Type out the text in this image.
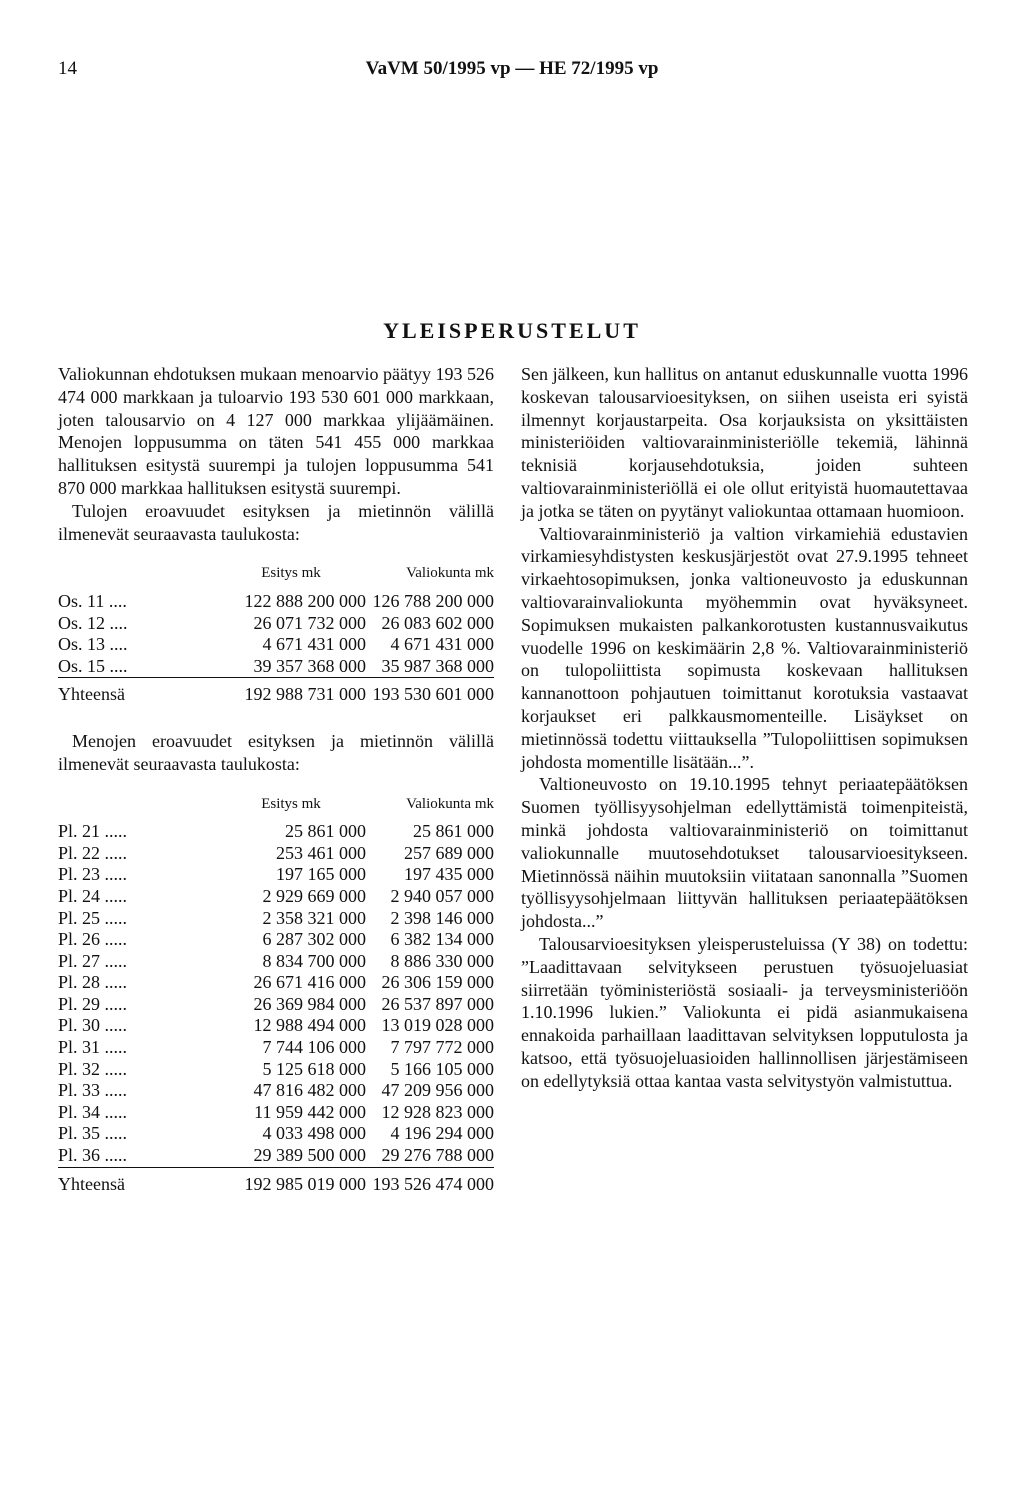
14	VaVM 50/1995 vp — HE 72/1995 vp
YLEISPERUSTELUT

Valiokunnan ehdotuksen mukaan menoarvio päätyy 193 526 474 000 markkaan ja tuloarvio 193 530 601 000 markkaan, joten talousarvio on 4 127 000 markkaa ylijäämäinen. Menojen loppusumma on täten 541 455 000 markkaa hallituksen esitystä suurempi ja tulojen loppusumma 541 870 000 markkaa hallituksen esitystä suurempi.

Tulojen eroavuudet esityksen ja mietinnön välillä ilmenevät seuraavasta taulukosta:

	Esitys mk	Valiokunta mk
Os. 11 ....	122 888 200 000	126 788 200 000
Os. 12 ....	26 071 732 000	26 083 602 000
Os. 13 ....	4 671 431 000	4 671 431 000
Os. 15 ....	39 357 368 000	35 987 368 000
Yhteensä	192 988 731 000	193 530 601 000

Menojen eroavuudet esityksen ja mietinnön välillä ilmenevät seuraavasta taulukosta:

	Esitys mk	Valiokunta mk
Pl. 21 .....	25 861 000	25 861 000
Pl. 22 .....	253 461 000	257 689 000
Pl. 23 .....	197 165 000	197 435 000
Pl. 24 .....	2 929 669 000	2 940 057 000
Pl. 25 .....	2 358 321 000	2 398 146 000
Pl. 26 .....	6 287 302 000	6 382 134 000
Pl. 27 .....	8 834 700 000	8 886 330 000
Pl. 28 .....	26 671 416 000	26 306 159 000
Pl. 29 .....	26 369 984 000	26 537 897 000
Pl. 30 .....	12 988 494 000	13 019 028 000
Pl. 31 .....	7 744 106 000	7 797 772 000
Pl. 32 .....	5 125 618 000	5 166 105 000
Pl. 33 .....	47 816 482 000	47 209 956 000
Pl. 34 .....	11 959 442 000	12 928 823 000
Pl. 35 .....	4 033 498 000	4 196 294 000
Pl. 36 .....	29 389 500 000	29 276 788 000
Yhteensä	192 985 019 000	193 526 474 000

Sen jälkeen, kun hallitus on antanut eduskunnalle vuotta 1996 koskevan talousarvioesityksen, on siihen useista eri syistä ilmennyt korjaustarpeita. Osa korjauksista on yksittäisten ministeriöiden valtiovarainministeriölle tekemiä, lähinnä teknisiä korjausehdotuksia, joiden suhteen valtiovarainministeriöllä ei ole ollut erityistä huomautettavaa ja jotka se täten on pyytänyt valiokuntaa ottamaan huomioon.

Valtiovarainministeriö ja valtion virkamiehiä edustavien virkamiesyhdistysten keskusjärjestöt ovat 27.9.1995 tehneet virkaehtosopimuksen, jonka valtioneuvosto ja eduskunnan valtiovarainvaliokunta myöhemmin ovat hyväksyneet. Sopimuksen mukaisten palkankorotusten kustannusvaikutus vuodelle 1996 on keskimäärin 2,8 %. Valtiovarainministeriö on tulopoliittista sopimusta koskevaan hallituksen kannanottoon pohjautuen toimittanut korotuksia vastaavat korjaukset eri palkkausmomenteille. Lisäykset on mietinnössä todettu viittauksella ”Tulopoliittisen sopimuksen johdosta momentille lisätään...”.

Valtioneuvosto on 19.10.1995 tehnyt periaatepäätöksen Suomen työllisyysohjelman edellyttämistä toimenpiteistä, minkä johdosta valtiovarainministeriö on toimittanut valiokunnalle muutosehdotukset talousarvioesitykseen. Mietinnössä näihin muutoksiin viitataan sanonnalla ”Suomen työllisyysohjelmaan liittyvän hallituksen periaatepäätöksen johdosta...”

Talousarvioesityksen yleisperusteluissa (Y 38) on todettu: ”Laadittavaan selvitykseen perustuen työsuojeluasiat siirretään työministeriöstä sosiaali- ja terveysministeriöön 1.10.1996 lukien.” Valiokunta ei pidä asianmukaisena ennakoida parhaillaan laadittavan selvityksen lopputulosta ja katsoo, että työsuojeluasioiden hallinnollisen järjestämiseen on edellytyksiä ottaa kantaa vasta selvitystyön valmistuttua.
